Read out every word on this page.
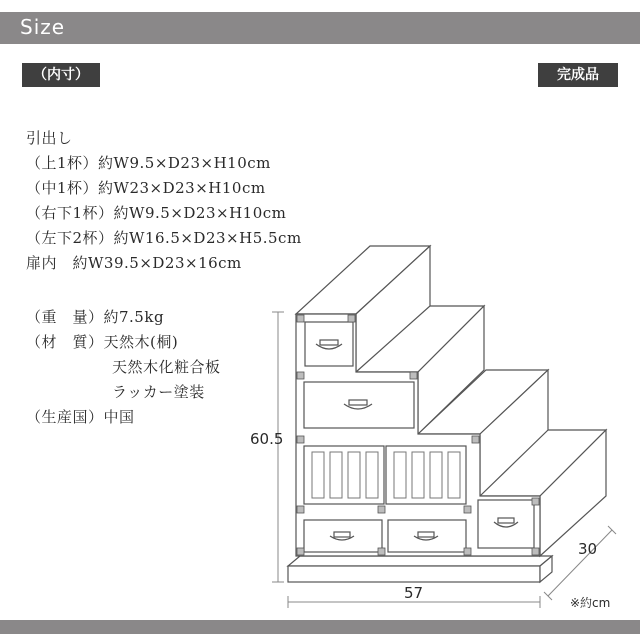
Size
（内寸）	完成品
引出し
（上1杯）約W9.5×D23×H10cm
（中1杯）約W23×D23×H10cm
（右下1杯）約W9.5×D23×H10cm
（左下2杯）約W16.5×D23×H5.5cm
扉内　約W39.5×D23×16cm
（重　量）約7.5kg
（材　質）天然木(桐)
天然木化粧合板
ラッカー塗装
（生産国）中国
60.5
57
30
※約cm
